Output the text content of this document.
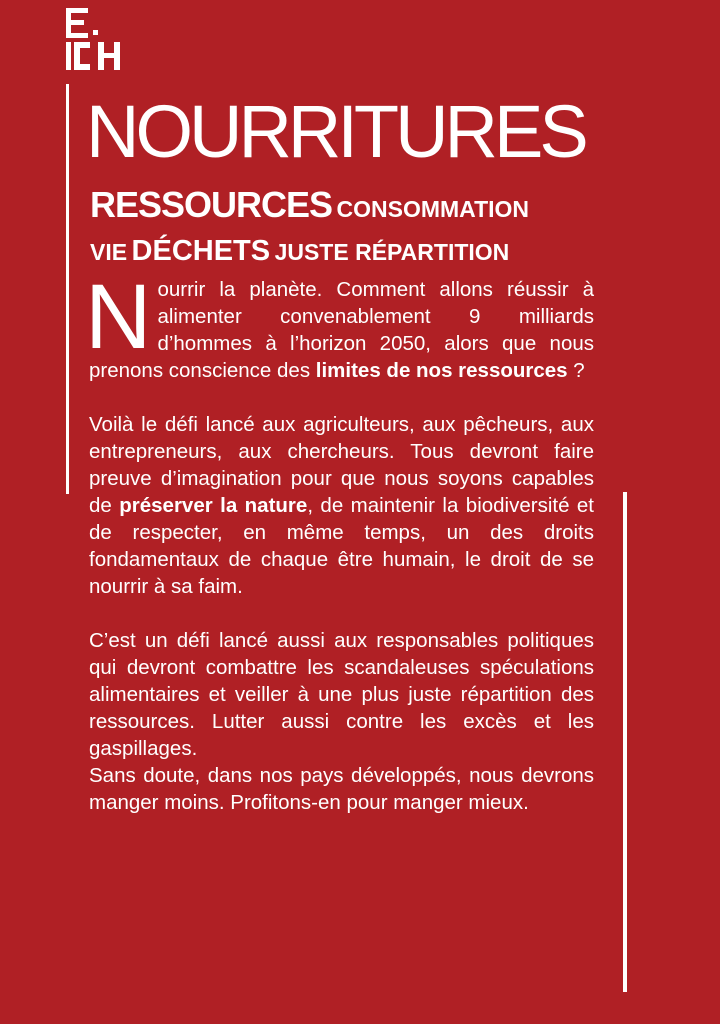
NOURRITURES
RESSOURCES CONSOMMATION
VIE DÉCHETS JUSTE RÉPARTITION

Nourrir la planète. Comment allons réussir à alimenter convenablement 9 milliards d’hommes à l’horizon 2050, alors que nous prenons conscience des limites de nos ressources ?

Voilà le défi lancé aux agriculteurs, aux pêcheurs, aux entrepreneurs, aux chercheurs. Tous devront faire preuve d’imagination pour que nous soyons capables de préserver la nature, de maintenir la biodiversité et de respecter, en même temps, un des droits fondamentaux de chaque être humain, le droit de se nourrir à sa faim.

C’est un défi lancé aussi aux responsables politiques qui devront combattre les scandaleuses spéculations alimentaires et veiller à une plus juste répartition des ressources. Lutter aussi contre les excès et les gaspillages.
Sans doute, dans nos pays développés, nous devrons manger moins. Profitons-en pour manger mieux.
